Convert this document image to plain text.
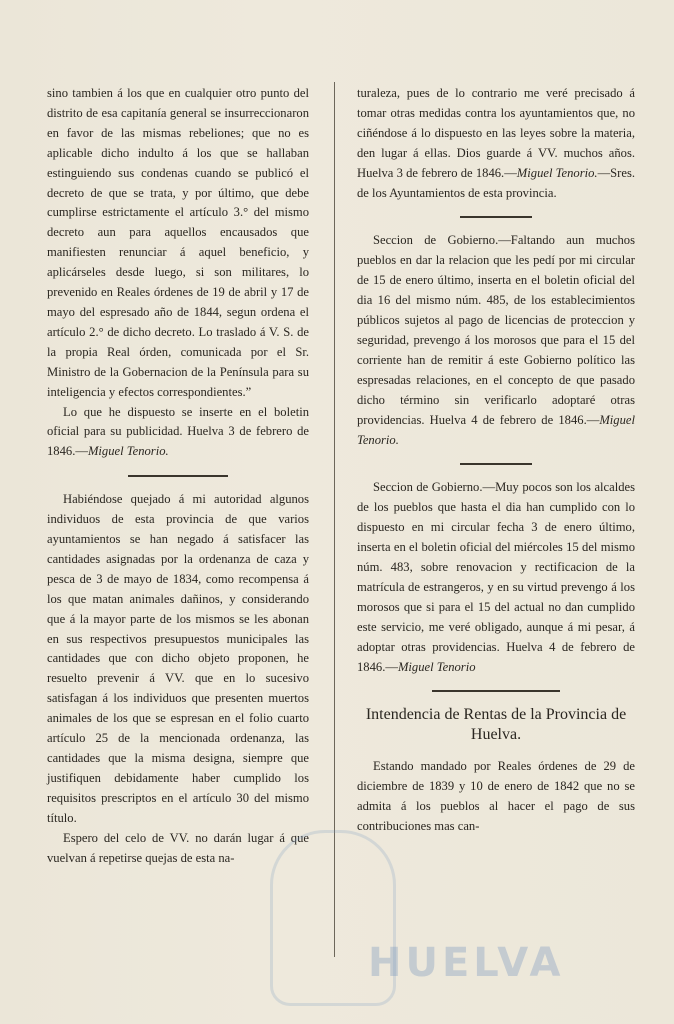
sino tambien á los que en cualquier otro punto del distrito de esa capitanía general se insurreccionaron en favor de las mismas rebeliones; que no es aplicable dicho indulto á los que se hallaban estinguiendo sus condenas cuando se publicó el decreto de que se trata, y por último, que debe cumplirse estrictamente el artículo 3.° del mismo decreto aun para aquellos encausados que manifiesten renunciar á aquel beneficio, y aplicárseles desde luego, si son militares, lo prevenido en Reales órdenes de 19 de abril y 17 de mayo del espresado año de 1844, segun ordena el artículo 2.° de dicho decreto. Lo traslado á V. S. de la propia Real órden, comunicada por el Sr. Ministro de la Gobernacion de la Península para su inteligencia y efectos correspondientes.”

Lo que he dispuesto se inserte en el boletin oficial para su publicidad. Huelva 3 de febrero de 1846.—Miguel Tenorio.

Habiéndose quejado á mi autoridad algunos individuos de esta provincia de que varios ayuntamientos se han negado á satisfacer las cantidades asignadas por la ordenanza de caza y pesca de 3 de mayo de 1834, como recompensa á los que matan animales dañinos, y considerando que á la mayor parte de los mismos se les abonan en sus respectivos presupuestos municipales las cantidades que con dicho objeto proponen, he resuelto prevenir á VV. que en lo sucesivo satisfagan á los individuos que presenten muertos animales de los que se espresan en el folio cuarto artículo 25 de la mencionada ordenanza, las cantidades que la misma designa, siempre que justifiquen debidamente haber cumplido los requisitos prescriptos en el artículo 30 del mismo título.

Espero del celo de VV. no darán lugar á que vuelvan á repetirse quejas de esta na-

turaleza, pues de lo contrario me veré precisado á tomar otras medidas contra los ayuntamientos que, no ciñéndose á lo dispuesto en las leyes sobre la materia, den lugar á ellas. Dios guarde á VV. muchos años. Huelva 3 de febrero de 1846.—Miguel Tenorio.—Sres. de los Ayuntamientos de esta provincia.

Seccion de Gobierno.—Faltando aun muchos pueblos en dar la relacion que les pedí por mi circular de 15 de enero último, inserta en el boletin oficial del dia 16 del mismo núm. 485, de los establecimientos públicos sujetos al pago de licencias de proteccion y seguridad, prevengo á los morosos que para el 15 del corriente han de remitir á este Gobierno político las espresadas relaciones, en el concepto de que pasado dicho término sin verificarlo adoptaré otras providencias. Huelva 4 de febrero de 1846.—Miguel Tenorio.

Seccion de Gobierno.—Muy pocos son los alcaldes de los pueblos que hasta el dia han cumplido con lo dispuesto en mi circular fecha 3 de enero último, inserta en el boletin oficial del miércoles 15 del mismo núm. 483, sobre renovacion y rectificacion de la matrícula de estrangeros, y en su virtud prevengo á los morosos que si para el 15 del actual no dan cumplido este servicio, me veré obligado, aunque á mi pesar, á adoptar otras providencias. Huelva 4 de febrero de 1846.—Miguel Tenorio

Intendencia de Rentas de la Provincia de Huelva.

Estando mandado por Reales órdenes de 29 de diciembre de 1839 y 10 de enero de 1842 que no se admita á los pueblos al hacer el pago de sus contribuciones mas can-

HUELVA
